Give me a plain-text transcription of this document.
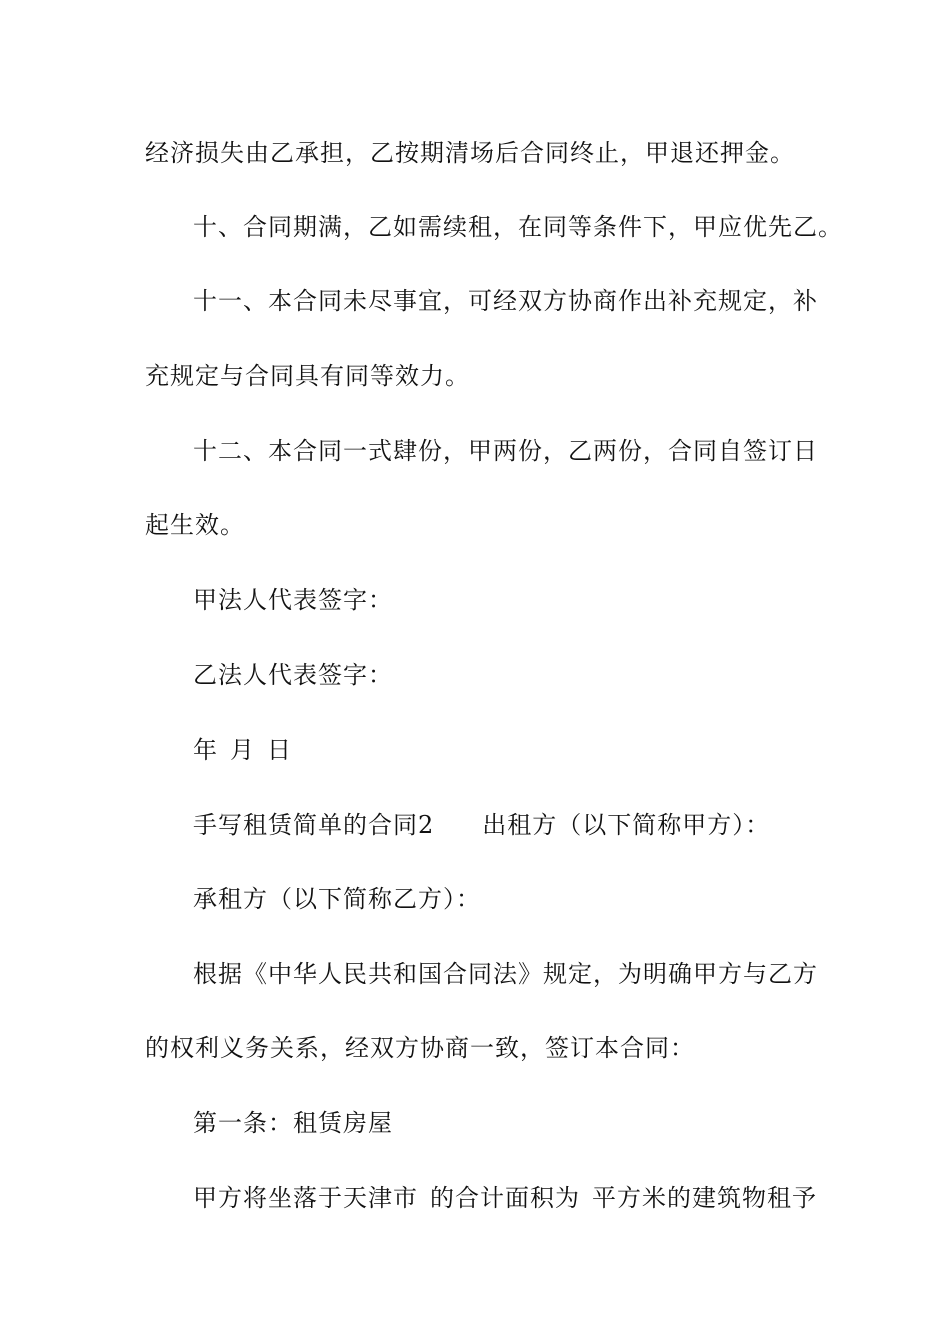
经济损失由乙承担，乙按期清场后合同终止，甲退还押金。
十、合同期满，乙如需续租，在同等条件下，甲应优先乙。
十一、本合同未尽事宜，可经双方协商作出补充规定，补
充规定与合同具有同等效力。
十二、本合同一式肆份，甲两份，乙两份，合同自签订日
起生效。
甲法人代表签字：
乙法人代表签字：
年 月 日
手写租赁简单的合同2 出租方（以下简称甲方）：
承租方（以下简称乙方）：
根据《中华人民共和国合同法》规定，为明确甲方与乙方
的权利义务关系，经双方协商一致，签订本合同：
第一条：租赁房屋
甲方将坐落于天津市 的合计面积为 平方米的建筑物租予
